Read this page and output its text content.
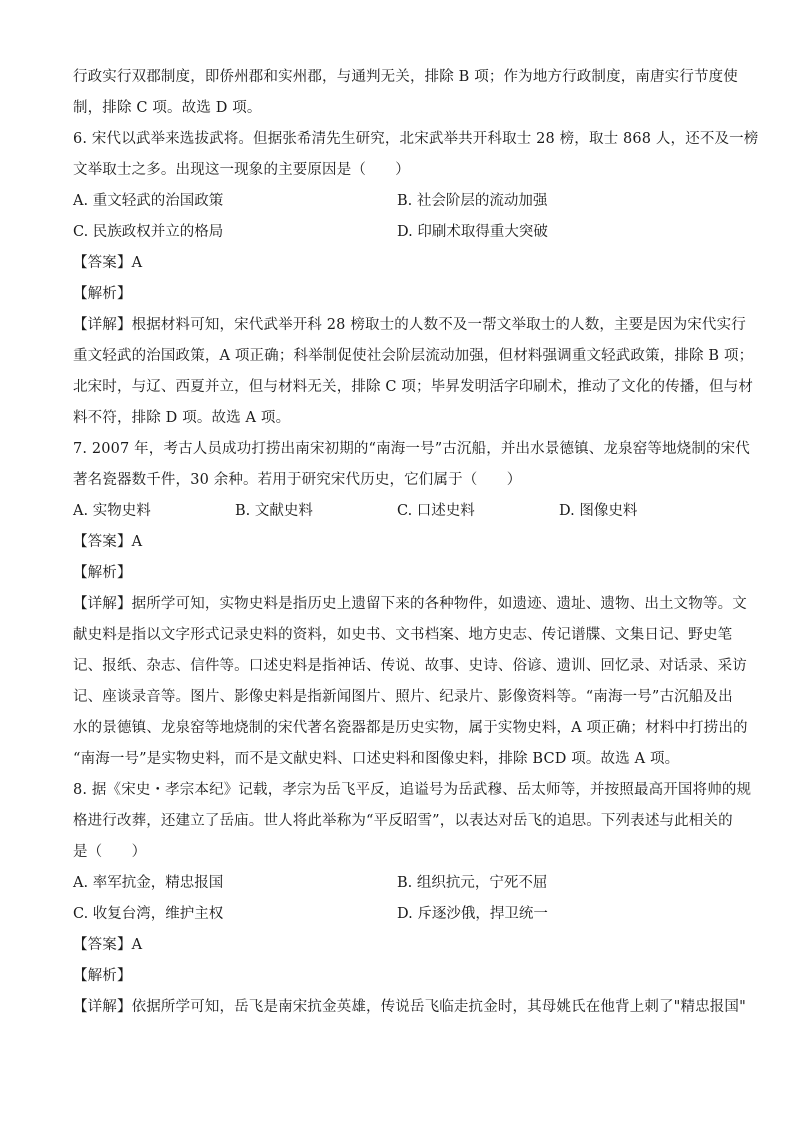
行政实行双郡制度，即侨州郡和实州郡，与通判无关，排除 B 项；作为地方行政制度，南唐实行节度使
制，排除 C 项。故选 D 项。
6. 宋代以武举来选拔武将。但据张希清先生研究，北宋武举共开科取士 28 榜，取士 868 人，还不及一榜
文举取士之多。出现这一现象的主要原因是（　　）
A. 重文轻武的治国政策	B. 社会阶层的流动加强
C. 民族政权并立的格局	D. 印刷术取得重大突破
【答案】A
【解析】
【详解】根据材料可知，宋代武举开科 28 榜取士的人数不及一帮文举取士的人数，主要是因为宋代实行
重文轻武的治国政策，A 项正确；科举制促使社会阶层流动加强，但材料强调重文轻武政策，排除 B 项；
北宋时，与辽、西夏并立，但与材料无关，排除 C 项；毕昇发明活字印刷术，推动了文化的传播，但与材
料不符，排除 D 项。故选 A 项。
7. 2007 年，考古人员成功打捞出南宋初期的“南海一号”古沉船，并出水景德镇、龙泉窑等地烧制的宋代
著名瓷器数千件，30 余种。若用于研究宋代历史，它们属于（　　）
A. 实物史料	B. 文献史料	C. 口述史料	D. 图像史料
【答案】A
【解析】
【详解】据所学可知，实物史料是指历史上遗留下来的各种物件，如遗迹、遗址、遗物、出土文物等。文
献史料是指以文字形式记录史料的资料，如史书、文书档案、地方史志、传记谱牒、文集日记、野史笔
记、报纸、杂志、信件等。口述史料是指神话、传说、故事、史诗、俗谚、遗训、回忆录、对话录、采访
记、座谈录音等。图片、影像史料是指新闻图片、照片、纪录片、影像资料等。“南海一号”古沉船及出
水的景德镇、龙泉窑等地烧制的宋代著名瓷器都是历史实物，属于实物史料，A 项正确；材料中打捞出的
“南海一号”是实物史料，而不是文献史料、口述史料和图像史料，排除 BCD 项。故选 A 项。
8. 据《宋史・孝宗本纪》记载，孝宗为岳飞平反，追谥号为岳武穆、岳太师等，并按照最高开国将帅的规
格进行改葬，还建立了岳庙。世人将此举称为“平反昭雪”，以表达对岳飞的追思。下列表述与此相关的
是（　　）
A. 率军抗金，精忠报国	B. 组织抗元，宁死不屈
C. 收复台湾，维护主权	D. 斥逐沙俄，捍卫统一
【答案】A
【解析】
【详解】依据所学可知，岳飞是南宋抗金英雄，传说岳飞临走抗金时，其母姚氏在他背上刺了"精忠报国"
